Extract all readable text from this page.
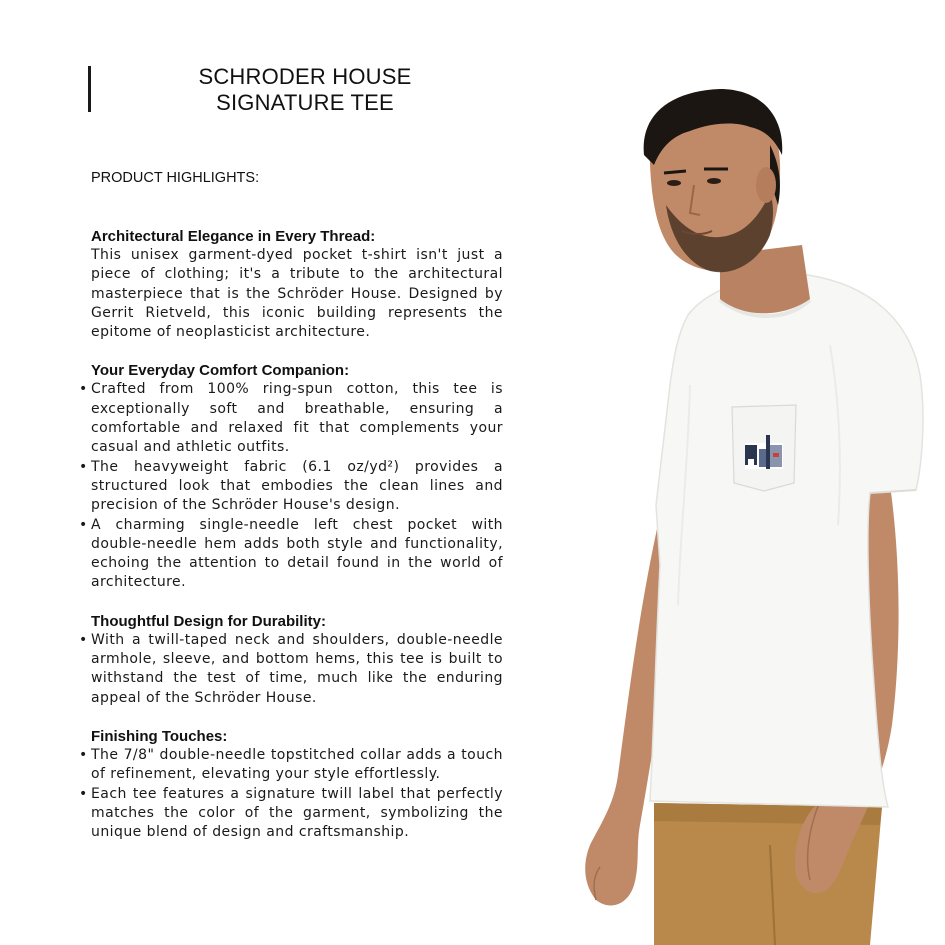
SCHRODER HOUSE
SIGNATURE TEE
PRODUCT HIGHLIGHTS:
Architectural Elegance in Every Thread:

This unisex garment-dyed pocket t-shirt isn't just a piece of clothing; it's a tribute to the architectural masterpiece that is the Schröder House. Designed by Gerrit Rietveld, this iconic building represents the epitome of neoplasticist architecture.

Your Everyday Comfort Companion:
• Crafted from 100% ring-spun cotton, this tee is exceptionally soft and breathable, ensuring a comfortable and relaxed fit that complements your casual and athletic outfits.
• The heavyweight fabric (6.1 oz/yd²) provides a structured look that embodies the clean lines and precision of the Schröder House's design.
• A charming single-needle left chest pocket with double-needle hem adds both style and functionality, echoing the attention to detail found in the world of architecture.
Thoughtful Design for Durability:
• With a twill-taped neck and shoulders, double-needle armhole, sleeve, and bottom hems, this tee is built to withstand the test of time, much like the enduring appeal of the Schröder House.
Finishing Touches:
• The 7/8" double-needle topstitched collar adds a touch of refinement, elevating your style effortlessly.
• Each tee features a signature twill label that perfectly matches the color of the garment, symbolizing the unique blend of design and craftsmanship.
